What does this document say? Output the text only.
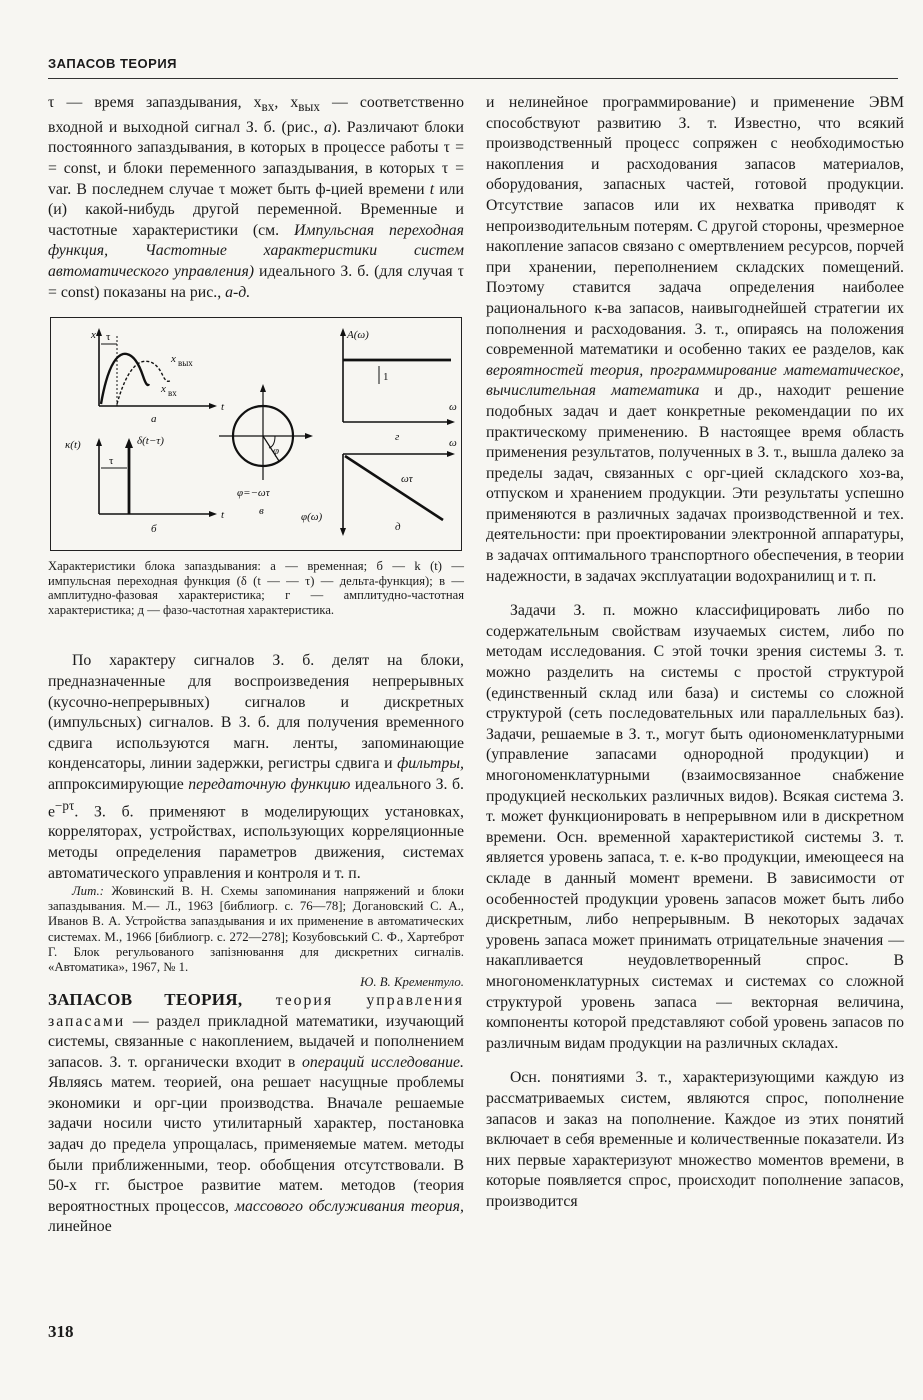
ЗАПАСОВ ТЕОРИЯ

τ — время запаздывания, $x_{вх}$, $x_{вых}$ — соответственно входной и выходной сигнал З. б. (рис., а). Различают блоки постоянного запаздывания, в которых в процессе работы τ = = const, и блоки переменного запаздывания, в которых τ = var. В последнем случае τ может быть ф-цией времени t или (и) какой-нибудь другой переменной. Временные и частотные характеристики (см. Импульсная переходная функция, Частотные характеристики систем автоматического управления) идеального З. б. (для случая τ = const) показаны на рис., а-д.

x τ
x вых
x вх
t
а
κ(t)	δ(t−τ)
τ
t
б
φ
φ=−ωτ
в
A(ω)
1
ω
г
φ(ω)
ωτ
ω
д

Характеристики блока запаздывания: а — временная; б — k (t) — импульсная переходная функция (δ (t — — τ) — дельта-функция); в — амплитудно-фазовая характеристика; г — амплитудно-частотная характеристика; д — фазо-частотная характеристика.

По характеру сигналов З. б. делят на блоки, предназначенные для воспроизведения непрерывных (кусочно-непрерывных) сигналов и дискретных (импульсных) сигналов. В З. б. для получения временного сдвига используются магн. ленты, запоминающие конденсаторы, линии задержки, регистры сдвига и фильтры, аппроксимирующие передаточную функцию идеального З. б. $e^{-p\tau}$. З. б. применяют в моделирующих установках, корреляторах, устройствах, использующих корреляционные методы определения параметров движения, системах автоматического управления и контроля и т. п.

Лит.: Жовинский В. Н. Схемы запоминания напряжений и блоки запаздывания. М.— Л., 1963 [библиогр. с. 76—78]; Догановский С. А., Иванов В. А. Устройства запаздывания и их применение в автоматических системах. М., 1966 [библиогр. с. 272—278]; Козубовський С. Ф., Хартеброт Г. Блок регульованого запізнювання для дискретних сигналів. «Автоматика», 1967, № 1.

Ю. В. Крементуло.

ЗАПАСОВ ТЕОРИЯ, теория управления запасами — раздел прикладной математики, изучающий системы, связанные с накоплением, выдачей и пополнением запасов. З. т. органически входит в операций исследование. Являясь матем. теорией, она решает насущные проблемы экономики и орг-ции производства. Вначале решаемые задачи носили чисто утилитарный характер, постановка задач до предела упрощалась, применяемые матем. методы были приближенными, теор. обобщения отсутствовали. В 50-х гг. быстрое развитие матем. методов (теория вероятностных процессов, массового обслуживания теория, линейное

и нелинейное программирование) и применение ЭВМ способствуют развитию З. т. Известно, что всякий производственный процесс сопряжен с необходимостью накопления и расходования запасов материалов, оборудования, запасных частей, готовой продукции. Отсутствие запасов или их нехватка приводят к непроизводительным потерям. С другой стороны, чрезмерное накопление запасов связано с омертвлением ресурсов, порчей при хранении, переполнением складских помещений. Поэтому ставится задача определения наиболее рационального к-ва запасов, наивыгоднейшей стратегии их пополнения и расходования. З. т., опираясь на положения современной математики и особенно таких ее разделов, как вероятностей теория, программирование математическое, вычислительная математика и др., находит решение подобных задач и дает конкретные рекомендации по их практическому применению. В настоящее время область применения результатов, полученных в З. т., вышла далеко за пределы задач, связанных с орг-цией складского хоз-ва, отпуском и хранением продукции. Эти результаты успешно применяются в различных задачах производственной и тех. деятельности: при проектировании электронной аппаратуры, в задачах оптимального транспортного обеспечения, в теории надежности, в задачах эксплуатации водохранилищ и т. п.

Задачи З. п. можно классифицировать либо по содержательным свойствам изучаемых систем, либо по методам исследования. С этой точки зрения системы З. т. можно разделить на системы с простой структурой (единственный склад или база) и системы со сложной структурой (сеть последовательных или параллельных баз). Задачи, решаемые в З. т., могут быть одиономенклатурными (управление запасами однородной продукции) и многономенклатурными (взаимосвязанное снабжение продукцией нескольких различных видов). Всякая система З. т. может функционировать в непрерывном или в дискретном времени. Осн. временной характеристикой системы З. т. является уровень запаса, т. е. к-во продукции, имеющееся на складе в данный момент времени. В зависимости от особенностей продукции уровень запасов может быть либо дискретным, либо непрерывным. В некоторых задачах уровень запаса может принимать отрицательные значения — накапливается неудовлетворенный спрос. В многономенклатурных системах и системах со сложной структурой уровень запаса — векторная величина, компоненты которой представляют собой уровень запасов по различным видам продукции на различных складах.

Осн. понятиями З. т., характеризующими каждую из рассматриваемых систем, являются спрос, пополнение запасов и заказ на пополнение. Каждое из этих понятий включает в себя временные и количественные показатели. Из них первые характеризуют множество моментов времени, в которые появляется спрос, происходит пополнение запасов, производится

318
